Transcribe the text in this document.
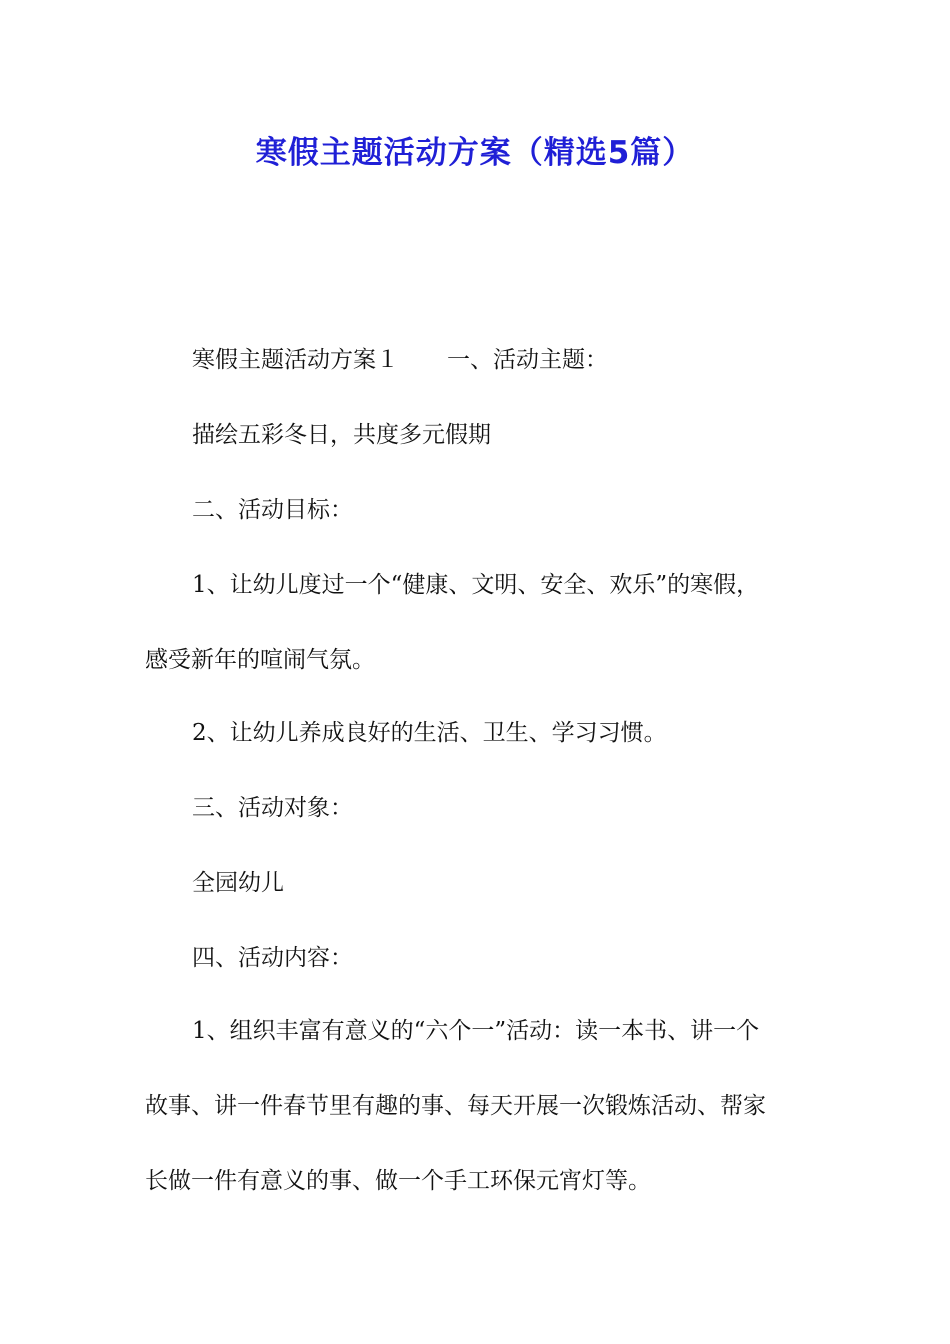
寒假主题活动方案（精选5篇）
寒假主题活动方案１ 一、活动主题：
描绘五彩冬日，共度多元假期
二、活动目标：
1、让幼儿度过一个“健康、文明、安全、欢乐”的寒假，
感受新年的喧闹气氛。
2、让幼儿养成良好的生活、卫生、学习习惯。
三、活动对象：
全园幼儿
四、活动内容：
1、组织丰富有意义的“六个一”活动：读一本书、讲一个
故事、讲一件春节里有趣的事、每天开展一次锻炼活动、帮家
长做一件有意义的事、做一个手工环保元宵灯等。
